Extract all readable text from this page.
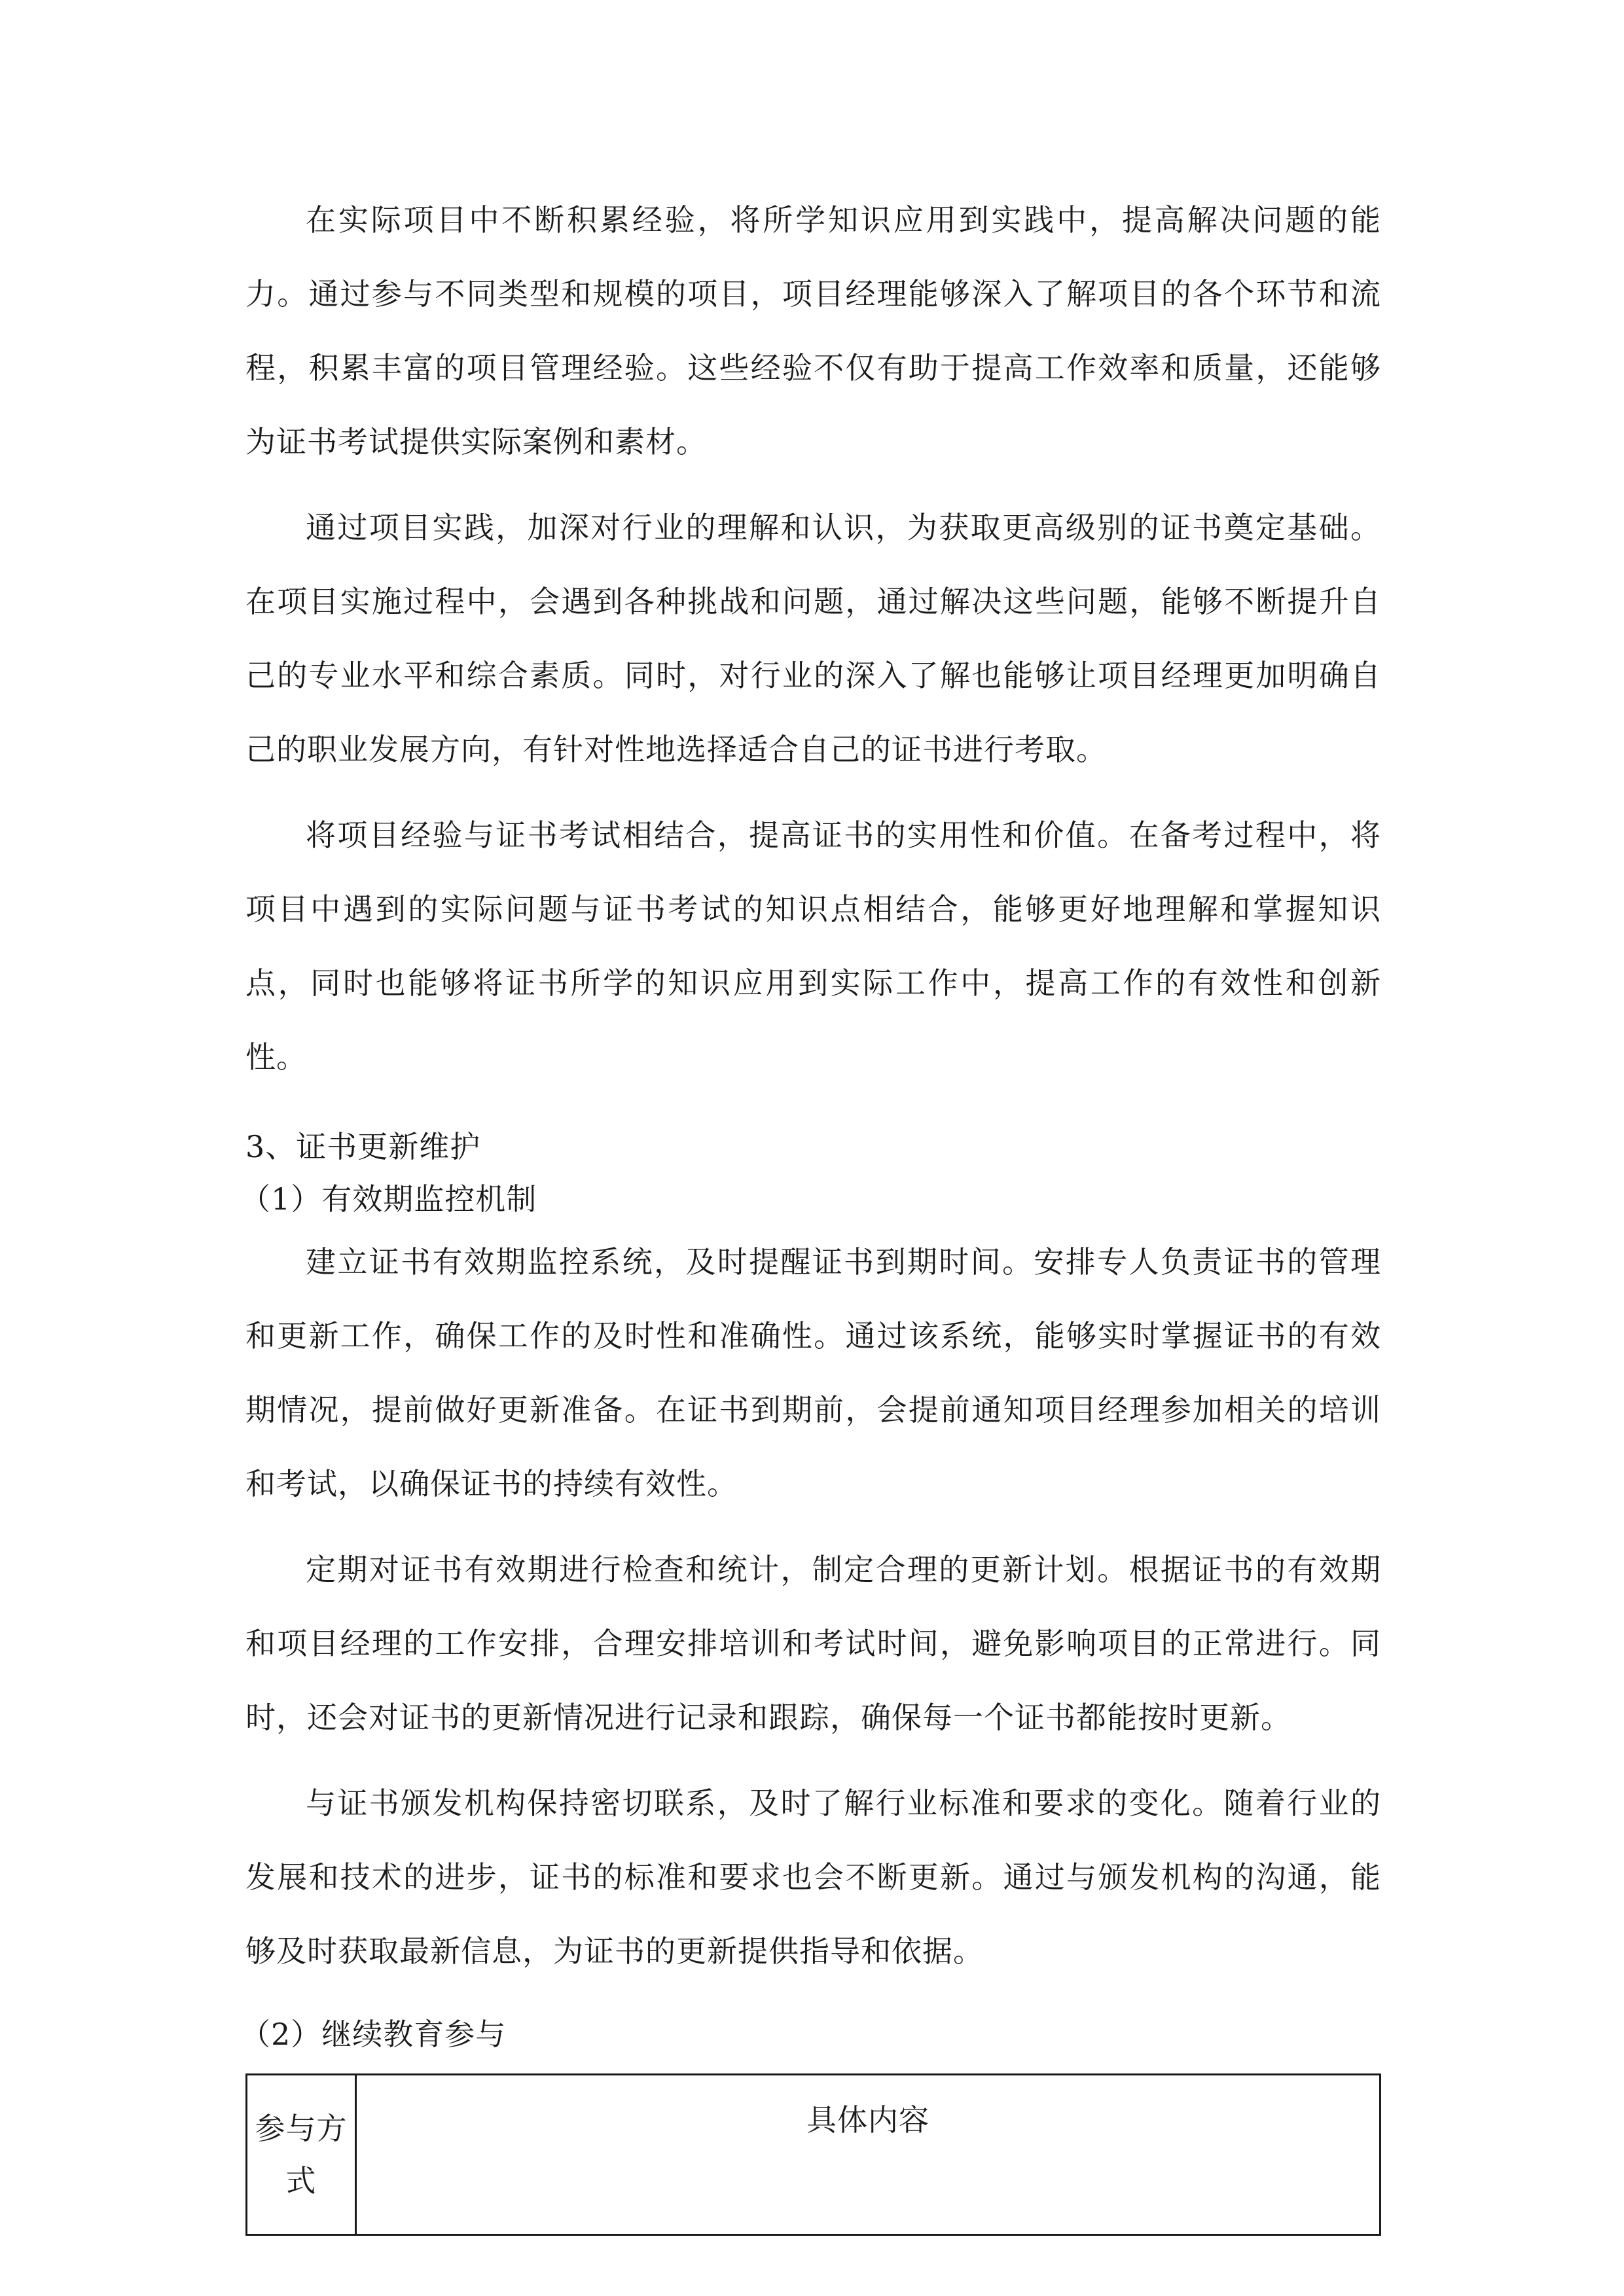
在实际项目中不断积累经验，将所学知识应用到实践中，提高解决问题的能力。通过参与不同类型和规模的项目，项目经理能够深入了解项目的各个环节和流程，积累丰富的项目管理经验。这些经验不仅有助于提高工作效率和质量，还能够为证书考试提供实际案例和素材。

通过项目实践，加深对行业的理解和认识，为获取更高级别的证书奠定基础。在项目实施过程中，会遇到各种挑战和问题，通过解决这些问题，能够不断提升自己的专业水平和综合素质。同时，对行业的深入了解也能够让项目经理更加明确自己的职业发展方向，有针对性地选择适合自己的证书进行考取。

将项目经验与证书考试相结合，提高证书的实用性和价值。在备考过程中，将项目中遇到的实际问题与证书考试的知识点相结合，能够更好地理解和掌握知识点，同时也能够将证书所学的知识应用到实际工作中，提高工作的有效性和创新性。

3、证书更新维护

（1）有效期监控机制

建立证书有效期监控系统，及时提醒证书到期时间。安排专人负责证书的管理和更新工作，确保工作的及时性和准确性。通过该系统，能够实时掌握证书的有效期情况，提前做好更新准备。在证书到期前，会提前通知项目经理参加相关的培训和考试，以确保证书的持续有效性。

定期对证书有效期进行检查和统计，制定合理的更新计划。根据证书的有效期和项目经理的工作安排，合理安排培训和考试时间，避免影响项目的正常进行。同时，还会对证书的更新情况进行记录和跟踪，确保每一个证书都能按时更新。

与证书颁发机构保持密切联系，及时了解行业标准和要求的变化。随着行业的发展和技术的进步，证书的标准和要求也会不断更新。通过与颁发机构的沟通，能够及时获取最新信息，为证书的更新提供指导和依据。

（2）继续教育参与

参与方式	具体内容
